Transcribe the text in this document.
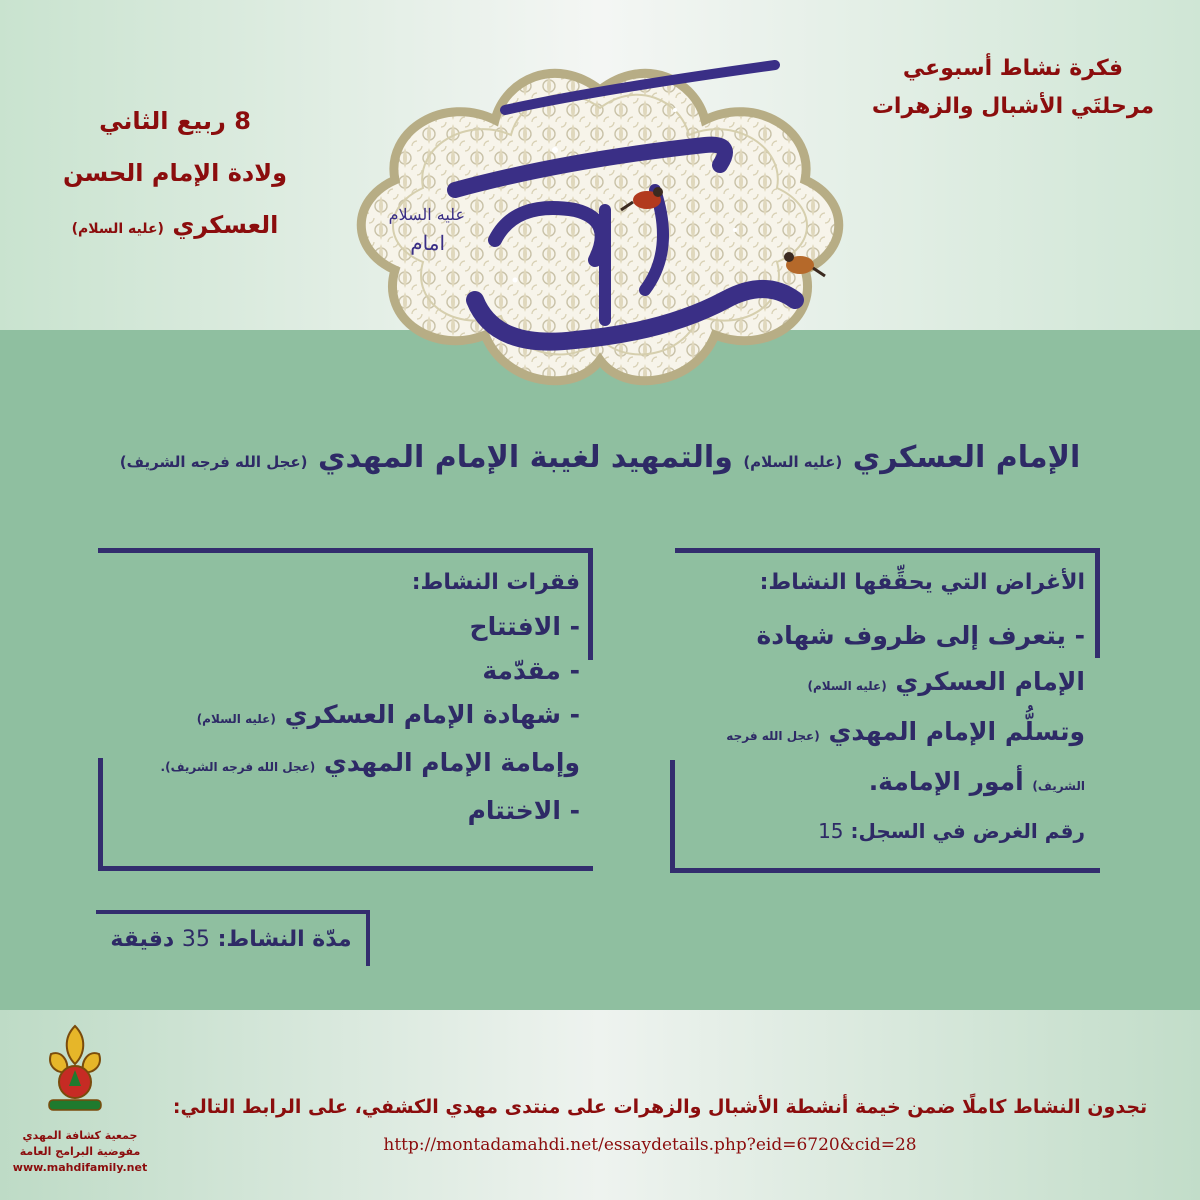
فكرة نشاط أسبوعي
مرحلتَي الأشبال والزهرات
8 ربيع الثاني
ولادة الإمام الحسن
العسكري (عليه السلام)
امام
عليه السلام
الإمام العسكري (عليه السلام) والتمهيد لغيبة الإمام المهدي (عجل الله فرجه الشريف)
الأغراض التي يحقِّقها النشاط:
- يتعرف إلى ظروف شهادة
الإمام العسكري (عليه السلام)
وتسلُّم الإمام المهدي (عجل الله فرجه
الشريف) أمور الإمامة.
رقم الغرض في السجل: 15
فقرات النشاط:
- الافتتاح
- مقدّمة
- شهادة الإمام العسكري (عليه السلام)
وإمامة الإمام المهدي (عجل الله فرجه الشريف).
- الاختتام
مدّة النشاط: 35 دقيقة
تجدون النشاط كاملًا ضمن خيمة أنشطة الأشبال والزهرات على منتدى مهدي الكشفي، على الرابط التالي:
http://montadamahdi.net/essaydetails.php?eid=6720&cid=28
جمعية كشافة المهدي
مفوضية البرامج العامة
www.mahdifamily.net
